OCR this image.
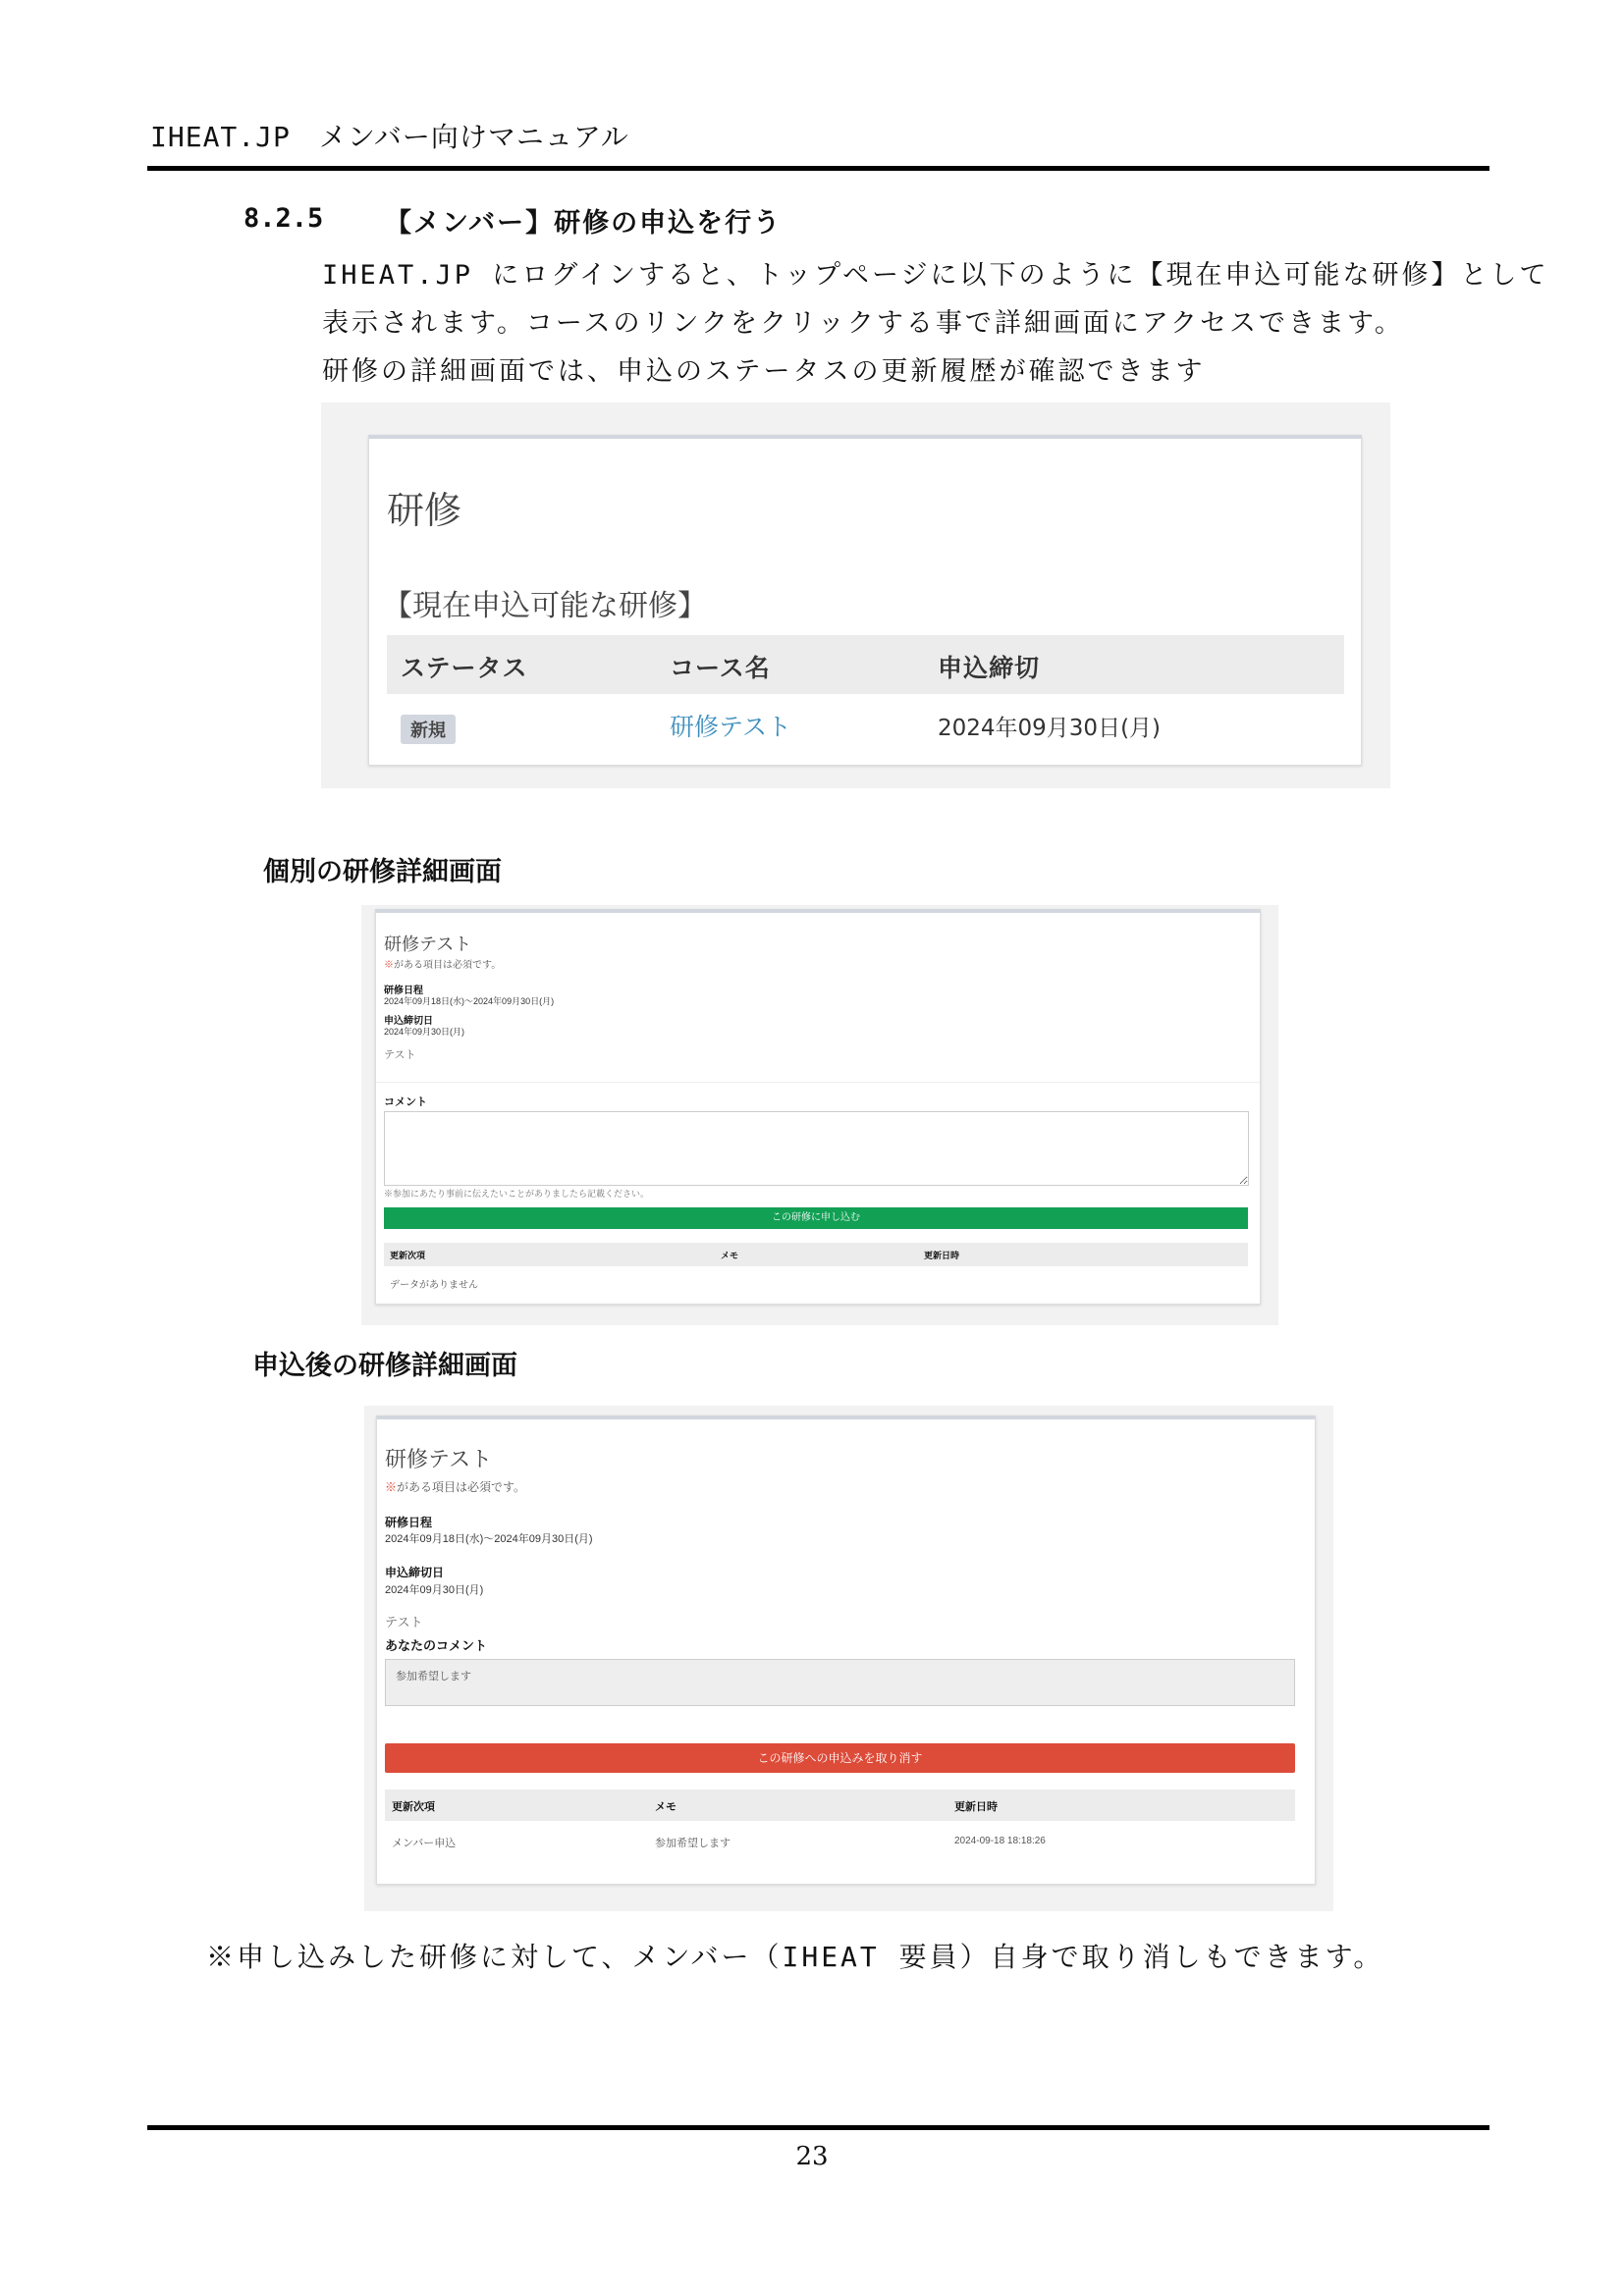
IHEAT.JP　メンバー向けマニュアル
8.2.5 【メンバー】研修の申込を行う
IHEAT.JP にログインすると、トップページに以下のように【現在申込可能な研修】として
表示されます。コースのリンクをクリックする事で詳細画面にアクセスできます。
研修の詳細画面では、申込のステータスの更新履歴が確認できます
研修
【現在申込可能な研修】
ステータス	コース名	申込締切
新規	研修テスト	2024年09月30日(月)
個別の研修詳細画面
研修テスト
※がある項目は必須です。
研修日程
2024年09月18日(水)～2024年09月30日(月)
申込締切日
2024年09月30日(月)
テスト
コメント
※参加にあたり事前に伝えたいことがありましたら記載ください。
この研修に申し込む
更新次項	メモ	更新日時
データがありません
申込後の研修詳細画面
研修テスト
※がある項目は必須です。
研修日程
2024年09月18日(水)～2024年09月30日(月)
申込締切日
2024年09月30日(月)
テスト
あなたのコメント
参加希望します
この研修への申込みを取り消す
更新次項	メモ	更新日時
メンバー申込	参加希望します	2024-09-18 18:18:26
※申し込みした研修に対して、メンバー（IHEAT 要員）自身で取り消しもできます。
23
